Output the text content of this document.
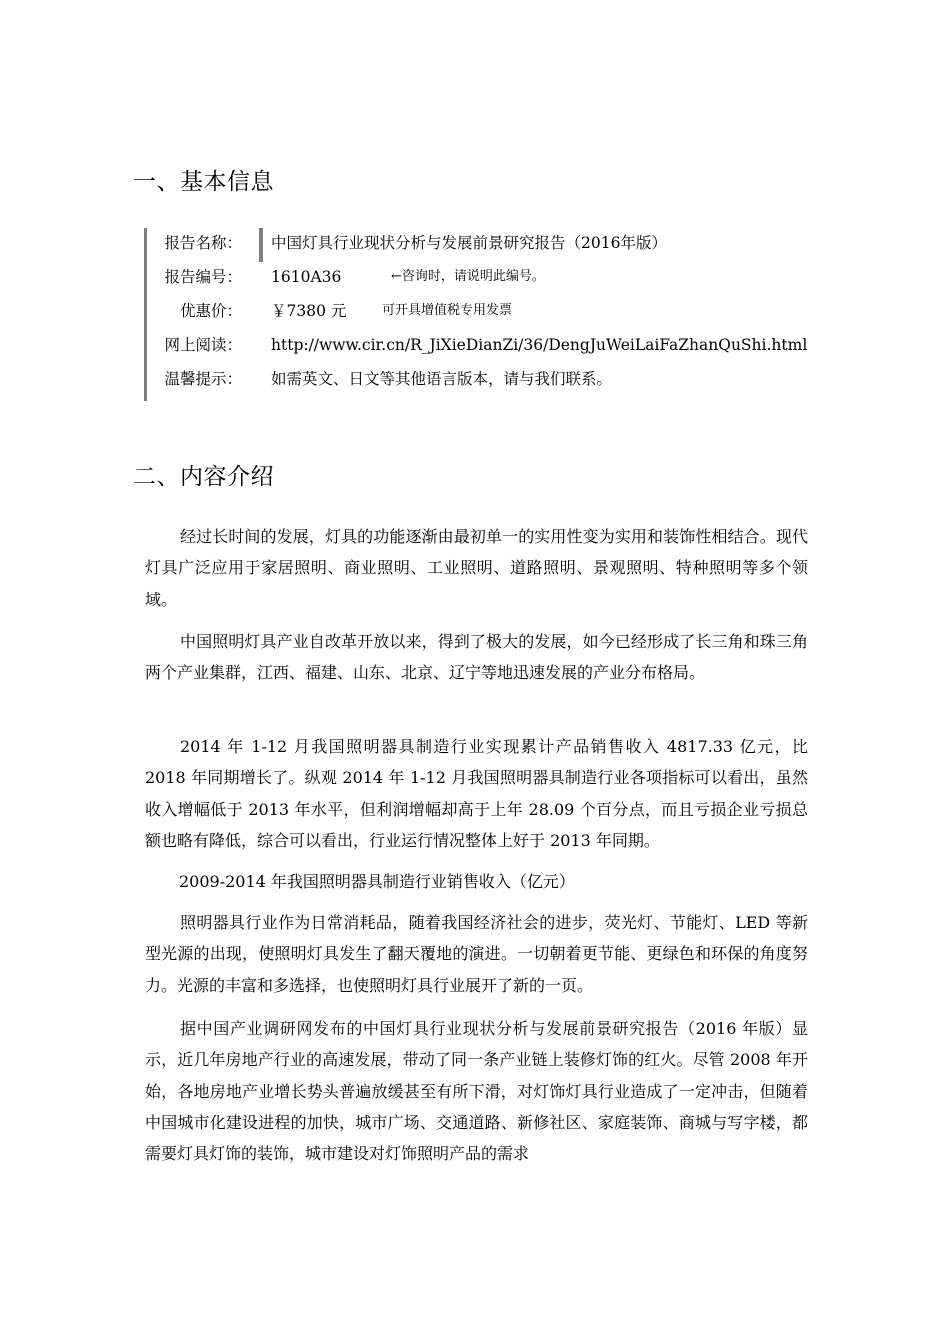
一、基本信息
报告名称： 中国灯具行业现状分析与发展前景研究报告（2016年版）
报告编号： 1610A36	←咨询时，请说明此编号。
优惠价： ￥7380 元	可开具增值税专用发票
网上阅读： http://www.cir.cn/R_JiXieDianZi/36/DengJuWeiLaiFaZhanQuShi.html
温馨提示： 如需英文、日文等其他语言版本，请与我们联系。
二、内容介绍

经过长时间的发展，灯具的功能逐渐由最初单一的实用性变为实用和装饰性相结合。现代灯具广泛应用于家居照明、商业照明、工业照明、道路照明、景观照明、特种照明等多个领域。

中国照明灯具产业自改革开放以来，得到了极大的发展，如今已经形成了长三角和珠三角两个产业集群，江西、福建、山东、北京、辽宁等地迅速发展的产业分布格局。

2014 年 1-12 月我国照明器具制造行业实现累计产品销售收入 4817.33 亿元，比 2018 年同期增长了。纵观 2014 年 1-12 月我国照明器具制造行业各项指标可以看出，虽然收入增幅低于 2013 年水平，但利润增幅却高于上年 28.09 个百分点，而且亏损企业亏损总额也略有降低，综合可以看出，行业运行情况整体上好于 2013 年同期。

2009-2014 年我国照明器具制造行业销售收入（亿元）

照明器具行业作为日常消耗品，随着我国经济社会的进步，荧光灯、节能灯、LED 等新型光源的出现，使照明灯具发生了翻天覆地的演进。一切朝着更节能、更绿色和环保的角度努力。光源的丰富和多选择，也使照明灯具行业展开了新的一页。

据中国产业调研网发布的中国灯具行业现状分析与发展前景研究报告（2016 年版）显示，近几年房地产行业的高速发展，带动了同一条产业链上装修灯饰的红火。尽管 2008 年开始，各地房地产业增长势头普遍放缓甚至有所下滑，对灯饰灯具行业造成了一定冲击，但随着中国城市化建设进程的加快，城市广场、交通道路、新修社区、家庭装饰、商城与写字楼，都需要灯具灯饰的装饰，城市建设对灯饰照明产品的需求
